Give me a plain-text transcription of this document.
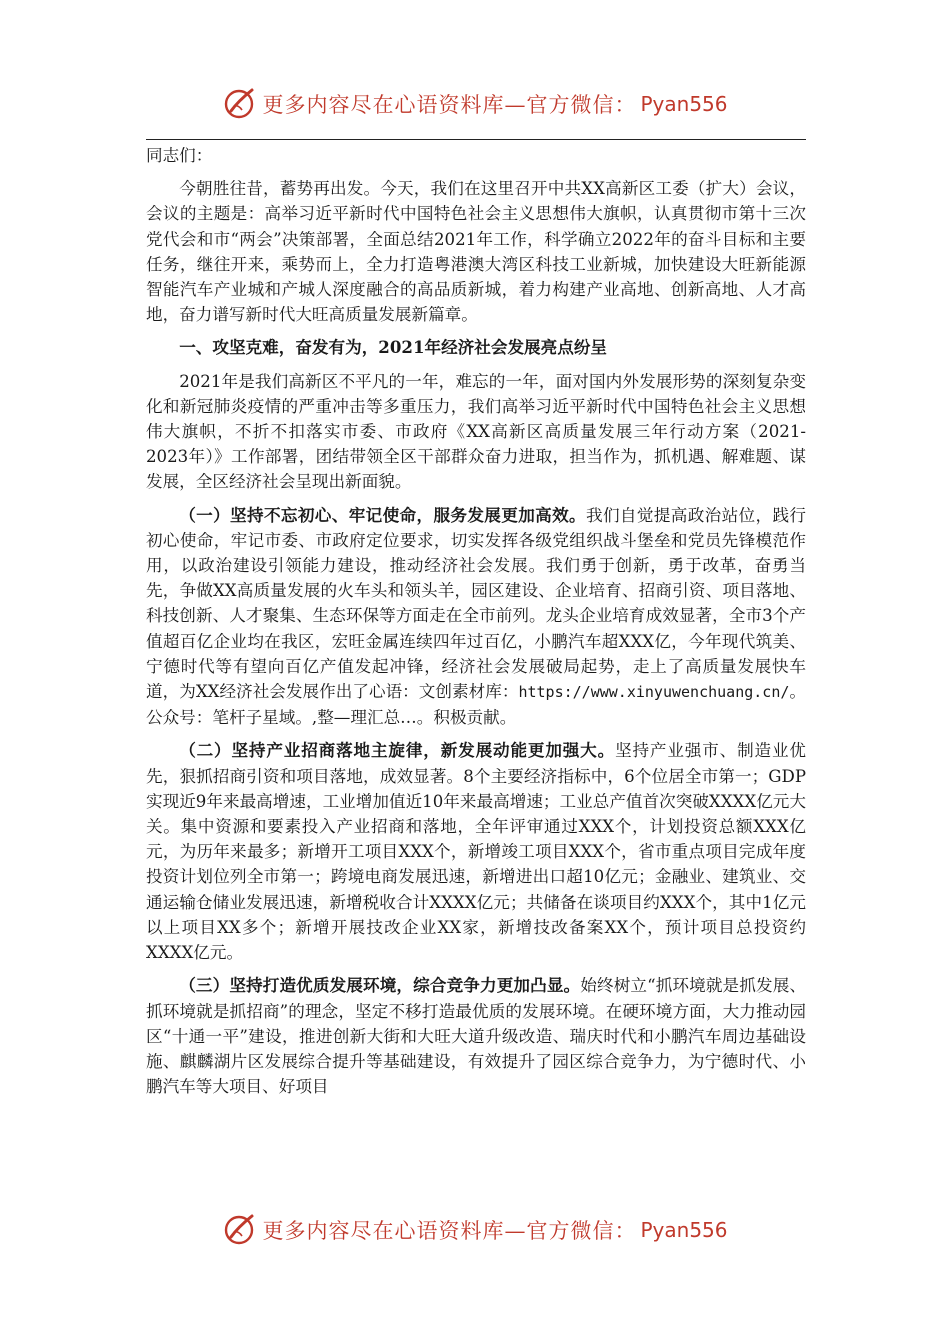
更多内容尽在心语资料库—官方微信： Pyan556

同志们：

今朝胜往昔，蓄势再出发。今天，我们在这里召开中共XX高新区工委（扩大）会议，会议的主题是：高举习近平新时代中国特色社会主义思想伟大旗帜，认真贯彻市第十三次党代会和市“两会”决策部署，全面总结2021年工作，科学确立2022年的奋斗目标和主要任务，继往开来，乘势而上，全力打造粤港澳大湾区科技工业新城，加快建设大旺新能源智能汽车产业城和产城人深度融合的高品质新城，着力构建产业高地、创新高地、人才高地，奋力谱写新时代大旺高质量发展新篇章。

一、攻坚克难，奋发有为，2021年经济社会发展亮点纷呈

2021年是我们高新区不平凡的一年，难忘的一年，面对国内外发展形势的深刻复杂变化和新冠肺炎疫情的严重冲击等多重压力，我们高举习近平新时代中国特色社会主义思想伟大旗帜，不折不扣落实市委、市政府《XX高新区高质量发展三年行动方案（2021-2023年）》工作部署，团结带领全区干部群众奋力进取，担当作为，抓机遇、解难题、谋发展，全区经济社会呈现出新面貌。

（一）坚持不忘初心、牢记使命，服务发展更加高效。我们自觉提高政治站位，践行初心使命，牢记市委、市政府定位要求，切实发挥各级党组织战斗堡垒和党员先锋模范作用，以政治建设引领能力建设，推动经济社会发展。我们勇于创新，勇于改革，奋勇当先，争做XX高质量发展的火车头和领头羊，园区建设、企业培育、招商引资、项目落地、科技创新、人才聚集、生态环保等方面走在全市前列。龙头企业培育成效显著，全市3个产值超百亿企业均在我区，宏旺金属连续四年过百亿，小鹏汽车超XXX亿，今年现代筑美、宁德时代等有望向百亿产值发起冲锋，经济社会发展破局起势，走上了高质量发展快车道，为XX经济社会发展作出了心语：文创素材库：https://www.xinyuwenchuang.cn/。公众号：笔杆子星域。,整—理汇总…。积极贡献。

（二）坚持产业招商落地主旋律，新发展动能更加强大。坚持产业强市、制造业优先，狠抓招商引资和项目落地，成效显著。8个主要经济指标中，6个位居全市第一；GDP实现近9年来最高增速，工业增加值近10年来最高增速；工业总产值首次突破XXXX亿元大关。集中资源和要素投入产业招商和落地，全年评审通过XXX个，计划投资总额XXX亿元，为历年来最多；新增开工项目XXX个，新增竣工项目XXX个，省市重点项目完成年度投资计划位列全市第一；跨境电商发展迅速，新增进出口超10亿元；金融业、建筑业、交通运输仓储业发展迅速，新增税收合计XXXX亿元；共储备在谈项目约XXX个，其中1亿元以上项目XX多个；新增开展技改企业XX家，新增技改备案XX个，预计项目总投资约XXXX亿元。

（三）坚持打造优质发展环境，综合竞争力更加凸显。始终树立“抓环境就是抓发展、抓环境就是抓招商”的理念，坚定不移打造最优质的发展环境。在硬环境方面，大力推动园区“十通一平”建设，推进创新大街和大旺大道升级改造、瑞庆时代和小鹏汽车周边基础设施、麒麟湖片区发展综合提升等基础建设，有效提升了园区综合竞争力，为宁德时代、小鹏汽车等大项目、好项目

更多内容尽在心语资料库—官方微信： Pyan556
